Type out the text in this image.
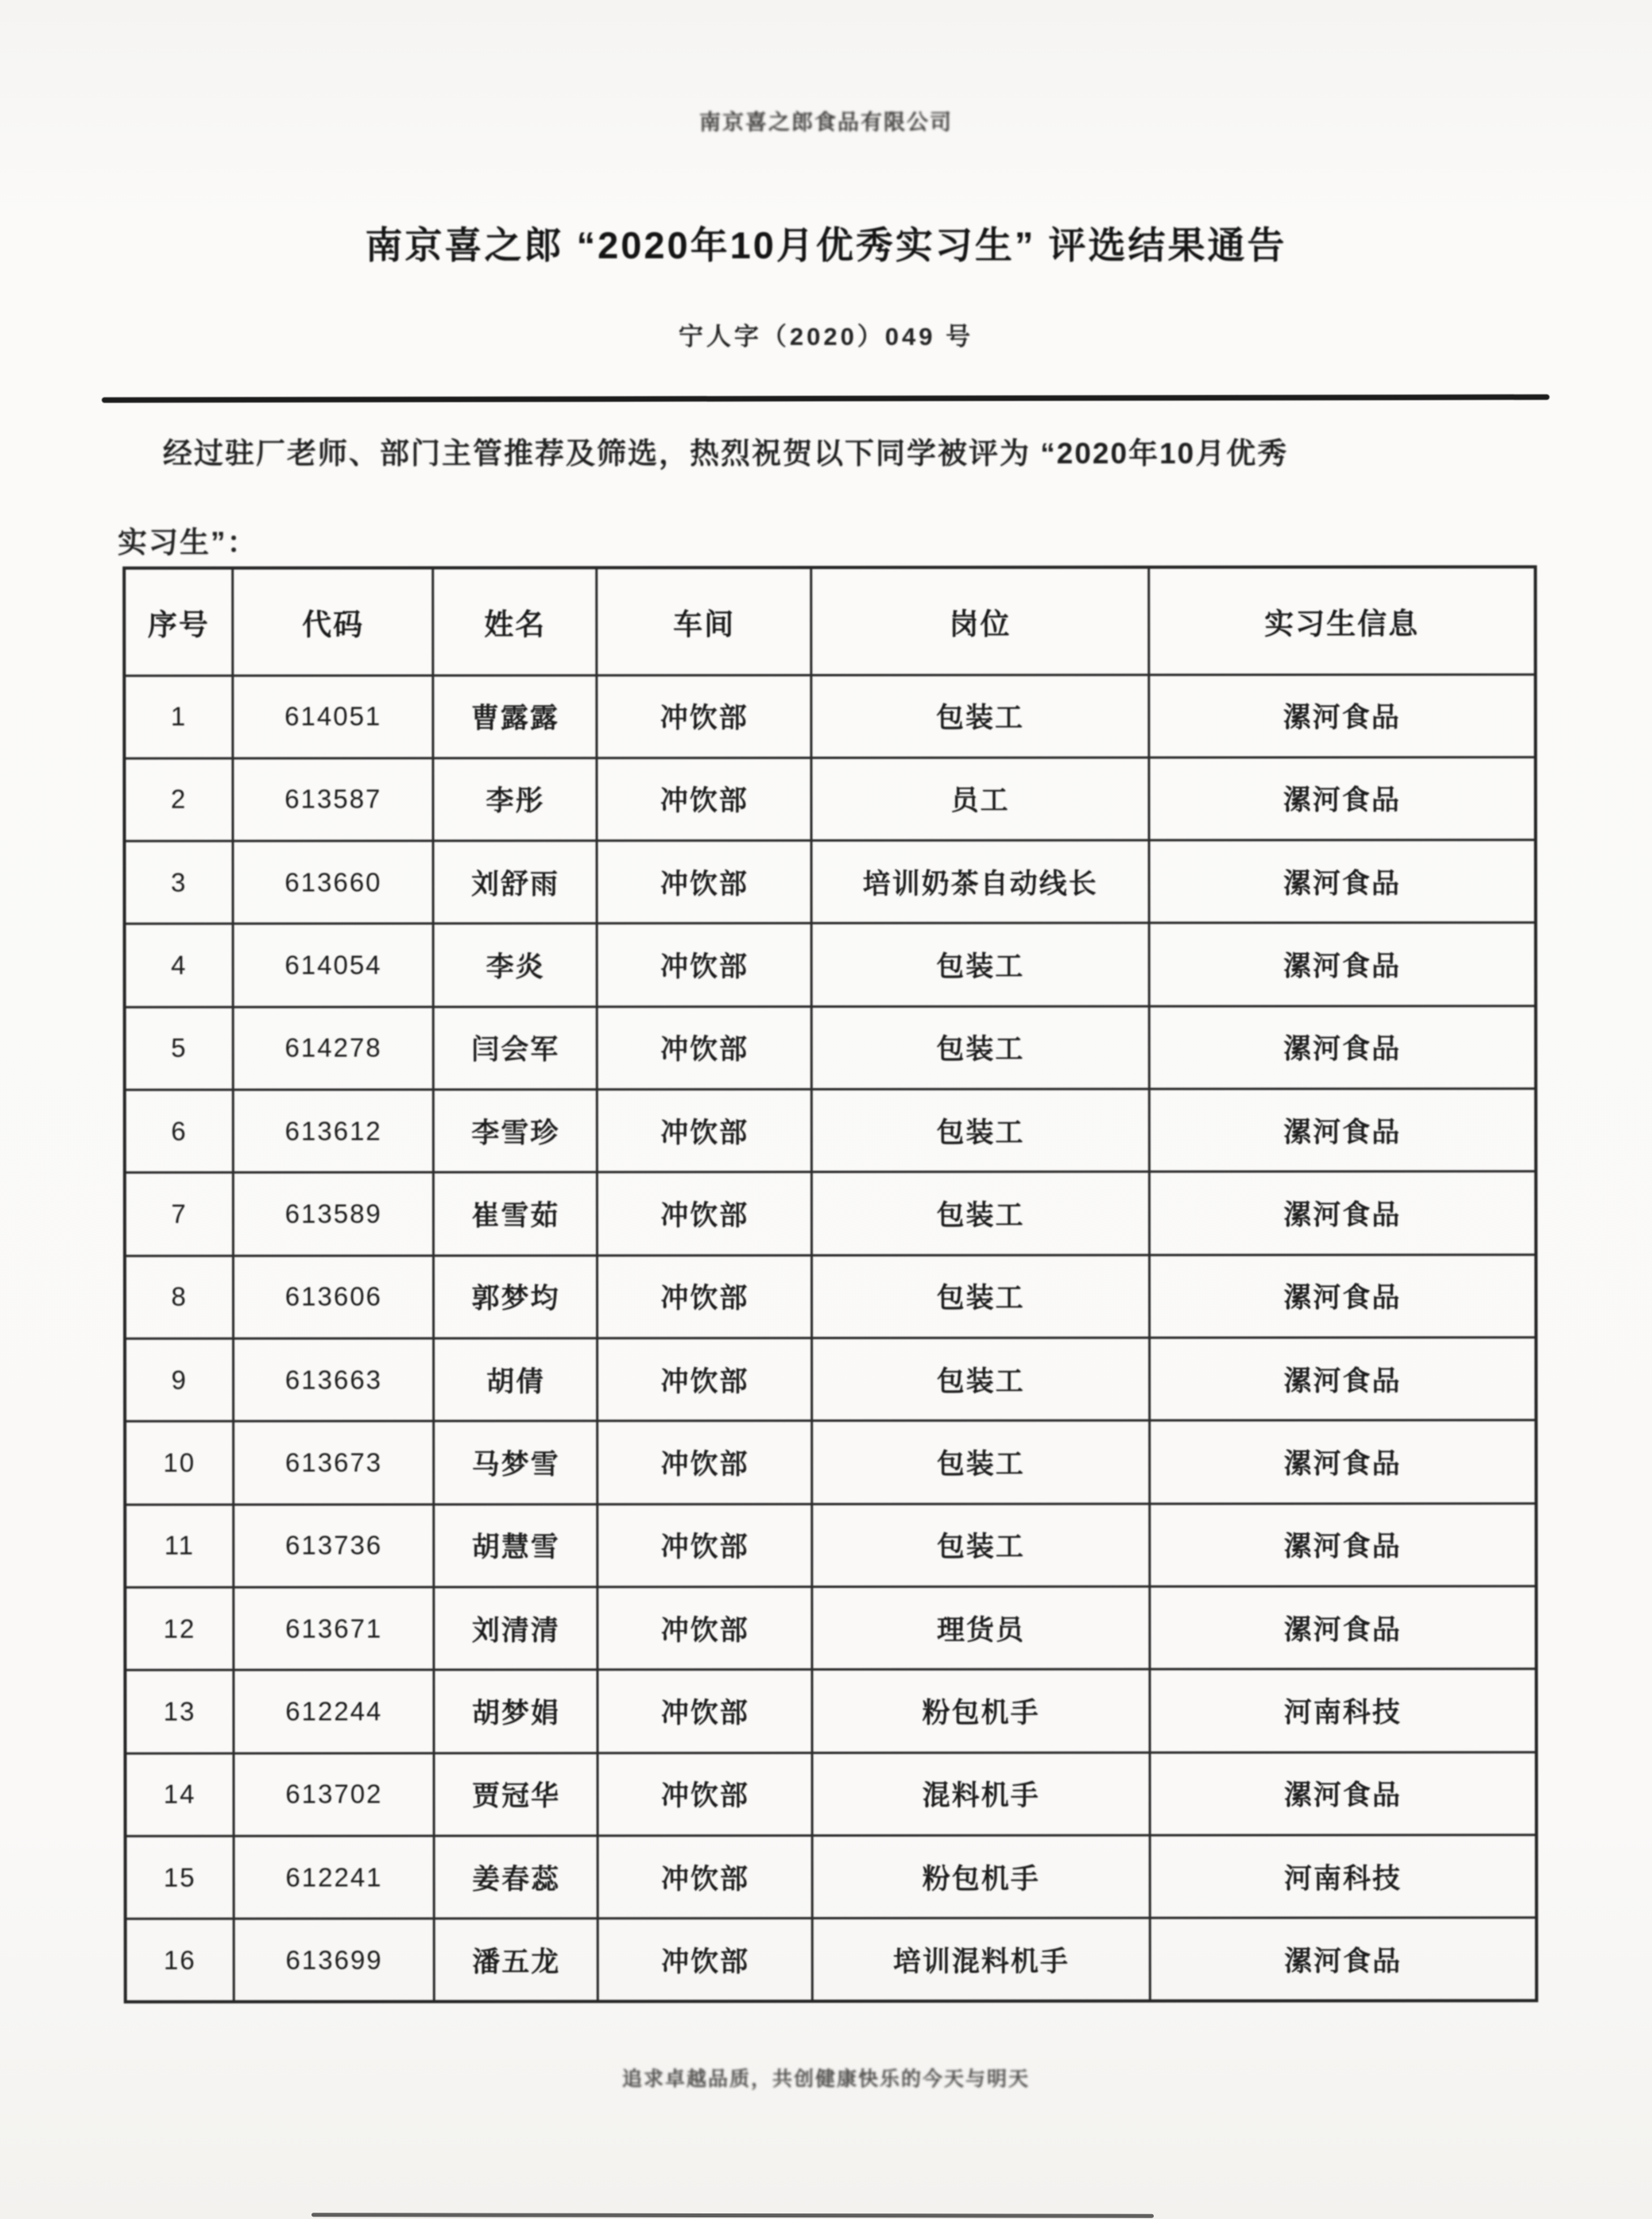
南京喜之郎食品有限公司
南京喜之郎 “2020年10月优秀实习生” 评选结果通告
宁人字（2020）049 号
经过驻厂老师、部门主管推荐及筛选，热烈祝贺以下同学被评为 “2020年10月优秀
实习生”：
序号	代码	姓名	车间	岗位	实习生信息
1	614051	曹露露	冲饮部	包装工	漯河食品
2	613587	李彤	冲饮部	员工	漯河食品
3	613660	刘舒雨	冲饮部	培训奶茶自动线长	漯河食品
4	614054	李炎	冲饮部	包装工	漯河食品
5	614278	闫会军	冲饮部	包装工	漯河食品
6	613612	李雪珍	冲饮部	包装工	漯河食品
7	613589	崔雪茹	冲饮部	包装工	漯河食品
8	613606	郭梦均	冲饮部	包装工	漯河食品
9	613663	胡倩	冲饮部	包装工	漯河食品
10	613673	马梦雪	冲饮部	包装工	漯河食品
11	613736	胡慧雪	冲饮部	包装工	漯河食品
12	613671	刘清清	冲饮部	理货员	漯河食品
13	612244	胡梦娟	冲饮部	粉包机手	河南科技
14	613702	贾冠华	冲饮部	混料机手	漯河食品
15	612241	姜春蕊	冲饮部	粉包机手	河南科技
16	613699	潘五龙	冲饮部	培训混料机手	漯河食品
追求卓越品质，共创健康快乐的今天与明天
